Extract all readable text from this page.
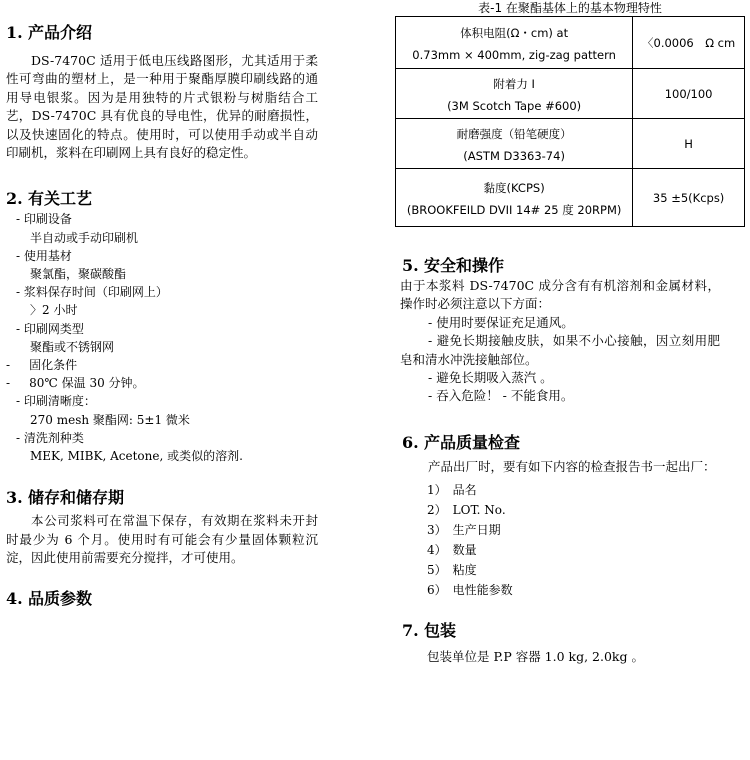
1. 产品介绍
DS-7470C 适用于低电压线路图形，尤其适用于柔性可弯曲的塑材上，是一种用于聚酯厚膜印刷线路的通用导电银浆。因为是用独特的片式银粉与树脂结合工艺，DS-7470C 具有优良的导电性，优异的耐磨损性，以及快速固化的特点。使用时，可以使用手动或半自动印刷机，浆料在印刷网上具有良好的稳定性。
2. 有关工艺
- 印刷设备
半自动或手动印刷机
- 使用基材
聚氯酯，聚碳酸酯
- 浆料保存时间（印刷网上）
〉2 小时
- 印刷网类型
聚酯或不锈钢网
-     固化条件
-     80℃ 保温 30 分钟。
- 印刷清晰度：
270 mesh 聚酯网: 5±1 微米
- 清洗剂种类
MEK, MIBK, Acetone, 或类似的溶剂.
3. 储存和储存期
本公司浆料可在常温下保存，有效期在浆料未开封时最少为 6 个月。使用时有可能会有少量固体颗粒沉淀，因此使用前需要充分搅拌，才可使用。
4. 品质参数
表-1 在聚酯基体上的基本物理特性
体积电阻(Ω・cm) at
0.73mm × 400mm, zig-zag pattern	〈0.0006　Ω cm

附着力 I
(3M Scotch Tape #600)	100/100

耐磨强度（铅笔硬度）
(ASTM D3363-74)	H

黏度(KCPS)
(BROOKFEILD DVII 14# 25 度 20RPM)	35 ±5(Kcps)
5. 安全和操作
由于本浆料 DS-7470C 成分含有有机溶剂和金属材料，操作时必须注意以下方面：
- 使用时要保证充足通风。
- 避免长期接触皮肤，如果不小心接触，因立刻用肥皂和清水冲洗接触部位。
- 避免长期吸入蒸汽 。
- 吞入危险！ - 不能食用。
6. 产品质量检查
产品出厂时，要有如下内容的检查报告书一起出厂：
1）　品名
2）　LOT. No.
3）　生产日期
4）　数量
5）　粘度
6）　电性能参数
7. 包装
包装单位是 P.P 容器 1.0 kg, 2.0kg 。
